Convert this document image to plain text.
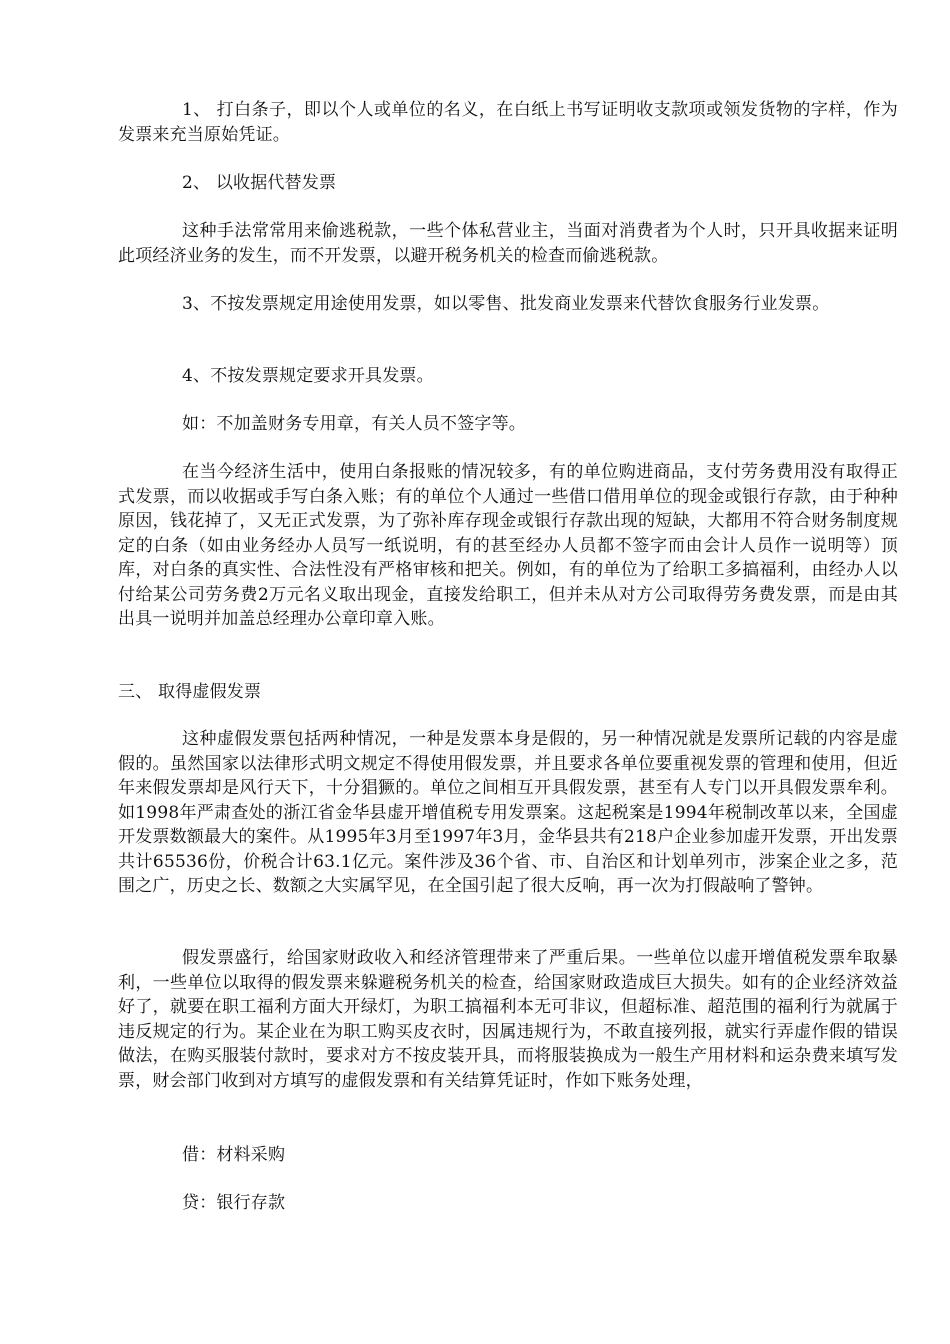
1、 打白条子，即以个人或单位的名义，在白纸上书写证明收支款项或领发货物的字样，作为发票来充当原始凭证。

2、 以收据代替发票

这种手法常常用来偷逃税款，一些个体私营业主，当面对消费者为个人时，只开具收据来证明此项经济业务的发生，而不开发票，以避开税务机关的检查而偷逃税款。

3、不按发票规定用途使用发票，如以零售、批发商业发票来代替饮食服务行业发票。

4、不按发票规定要求开具发票。

如：不加盖财务专用章，有关人员不签字等。

在当今经济生活中，使用白条报账的情况较多，有的单位购进商品，支付劳务费用没有取得正式发票，而以收据或手写白条入账；有的单位个人通过一些借口借用单位的现金或银行存款，由于种种原因，钱花掉了，又无正式发票，为了弥补库存现金或银行存款出现的短缺，大都用不符合财务制度规定的白条（如由业务经办人员写一纸说明，有的甚至经办人员都不签字而由会计人员作一说明等）顶库，对白条的真实性、合法性没有严格审核和把关。例如，有的单位为了给职工多搞福利，由经办人以付给某公司劳务费2万元名义取出现金，直接发给职工，但并未从对方公司取得劳务费发票，而是由其出具一说明并加盖总经理办公章印章入账。

三、 取得虚假发票

这种虚假发票包括两种情况，一种是发票本身是假的，另一种情况就是发票所记载的内容是虚假的。虽然国家以法律形式明文规定不得使用假发票，并且要求各单位要重视发票的管理和使用，但近年来假发票却是风行天下，十分猖獗的。单位之间相互开具假发票，甚至有人专门以开具假发票牟利。如1998年严肃查处的浙江省金华县虚开增值税专用发票案。这起税案是1994年税制改革以来，全国虚开发票数额最大的案件。从1995年3月至1997年3月，金华县共有218户企业参加虚开发票，开出发票共计65536份，价税合计63.1亿元。案件涉及36个省、市、自治区和计划单列市，涉案企业之多，范围之广，历史之长、数额之大实属罕见，在全国引起了很大反响，再一次为打假敲响了警钟。

假发票盛行，给国家财政收入和经济管理带来了严重后果。一些单位以虚开增值税发票牟取暴利，一些单位以取得的假发票来躲避税务机关的检查，给国家财政造成巨大损失。如有的企业经济效益好了，就要在职工福利方面大开绿灯，为职工搞福利本无可非议，但超标准、超范围的福利行为就属于违反规定的行为。某企业在为职工购买皮衣时，因属违规行为，不敢直接列报，就实行弄虚作假的错误做法，在购买服装付款时，要求对方不按皮装开具，而将服装换成为一般生产用材料和运杂费来填写发票，财会部门收到对方填写的虚假发票和有关结算凭证时，作如下账务处理，

借：材料采购

贷：银行存款
